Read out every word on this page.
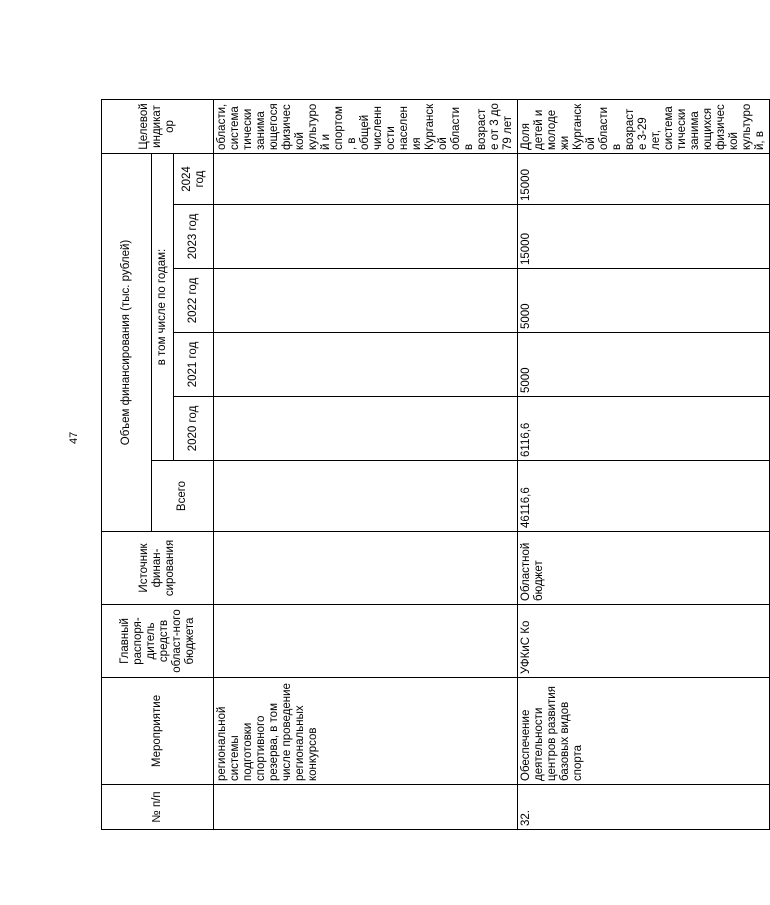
47
№ п/п	Мероприятие	Главный распоря-дитель средств област-ного бюджета	Источник финан-сирования	Объем финансирования (тыс. рублей)						Целевой индикатор
				Всего	в том числе по годам:					
					2020 год	2021 год	2022 год	2023 год	2024 год	
	региональной системы подготовки спортивного резерва, в том числе проведение региональных конкурсов									области, систематически занимающегося физической культурой и спортом, в общей численности населения Курганской области в возрасте от 3 до 79 лет
32.	Обеспечение деятельности центров развития базовых видов спорта	УФКиС Ко	Областной бюджет	46116,6	6116,6	5000	5000	15000	15000	Доля детей и молодежи Курганской области в возрасте 3-29 лет, систематически занимающихся физической культурой, в
